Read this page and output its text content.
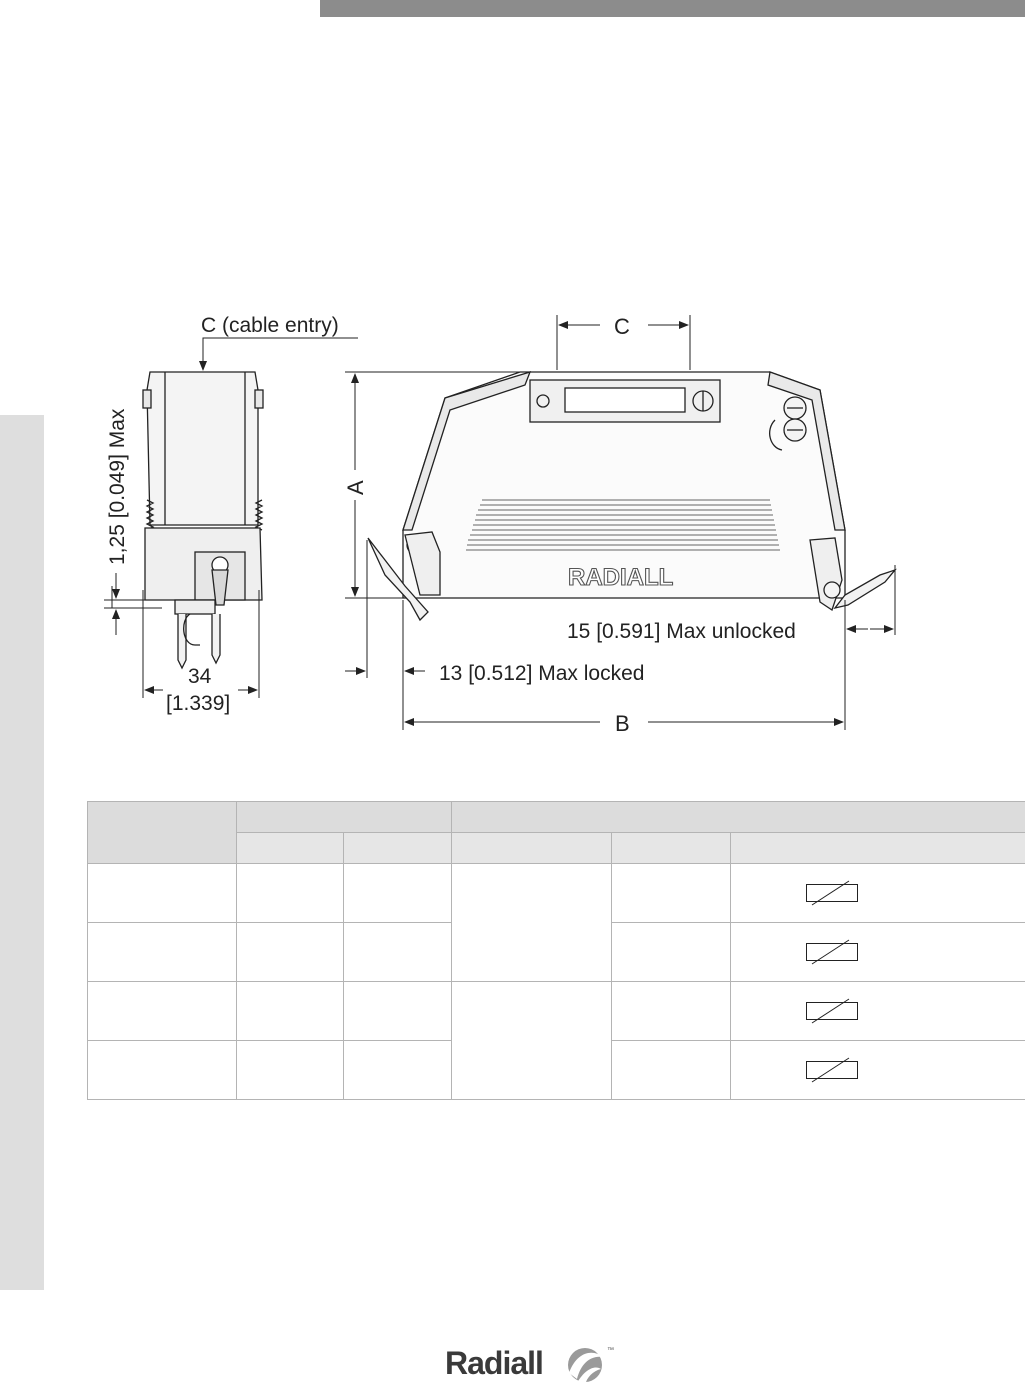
C (cable entry)
1,25 [0.049] Max
34
[1.339]
RADIALL
C
A
B
15 [0.591] Max unlocked
13 [0.512] Max locked

Radiall	™
